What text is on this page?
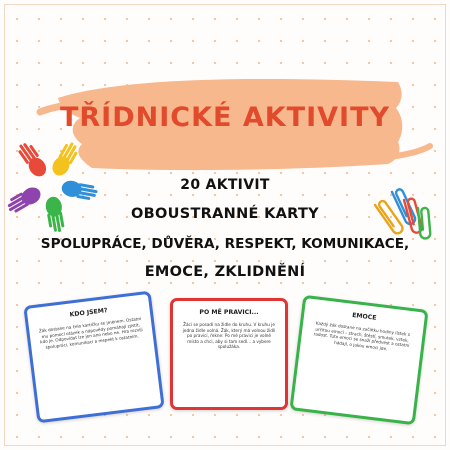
TŘÍDNICKÉ AKTIVITY
20 AKTIVIT
OBOUSTRANNÉ KARTY
SPOLUPRÁCE, DŮVĚRA, RESPEKT, KOMUNIKACE,
EMOCE, ZKLIDNĚNÍ
KDO JSEM?
Žák dostane na čelo kartičku se jménem. Ostatní mu pomocí otázek a nápovědy pomáhají zjistit, kdo je. Odpovídat lze jen ano nebo ne. Hra rozvíjí spolupráci, komunikaci a respekt k ostatním.
PO MĚ PRAVICI...
Žáci se posadí na židle do kruhu. V kruhu je jedna židle volná. Žák, který má volnou židli po pravici, řekne: Po mé pravici je volné místo a chci, aby si tam sedl... a vybere spolužáka.
EMOCE
Každý žák dostane na začátku hodiny lístek s určitou emocí – strach, štěstí, smutek, vztek, radost. Tuto emoci se snaží předvést a ostatní hádají, o jakou emoci jde.
